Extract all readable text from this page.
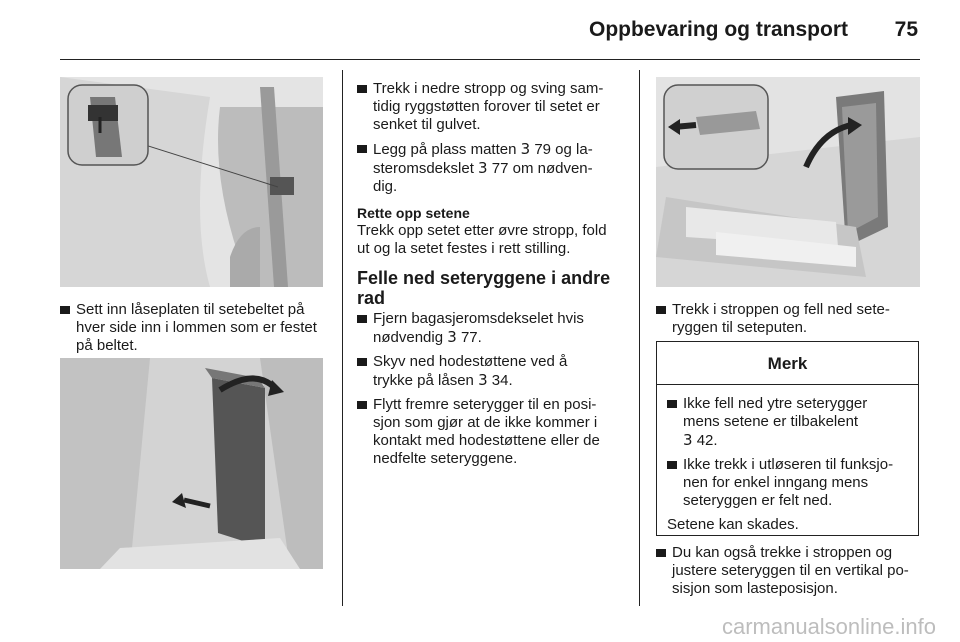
Oppbevaring og transport 75
Sett inn låseplaten til setebeltet på
hver side inn i lommen som er festet
på beltet.
Trekk i nedre stropp og sving sam-
tidig ryggstøtten forover til setet er
senket til gulvet.
Legg på plass matten 3 79 og la-
steromsdekslet 3 77 om nødven-
dig.
Rette opp setene
Trekk opp setet etter øvre stropp, fold
ut og la setet festes i rett stilling.
Felle ned seteryggene i andre
rad
Fjern bagasjeromsdekselet hvis
nødvendig 3 77.
Skyv ned hodestøttene ved å
trykke på låsen 3 34.
Flytt fremre seterygger til en posi-
sjon som gjør at de ikke kommer i
kontakt med hodestøttene eller de
nedfelte seteryggene.
Trekk i stroppen og fell ned sete-
ryggen til seteputen.
Merk
Ikke fell ned ytre seterygger
mens setene er tilbakelent
3 42.
Ikke trekk i utløseren til funksjo-
nen for enkel inngang mens
seteryggen er felt ned.
Setene kan skades.
Du kan også trekke i stroppen og
justere seteryggen til en vertikal po-
sisjon som lasteposisjon.
carmanualsonline.info
